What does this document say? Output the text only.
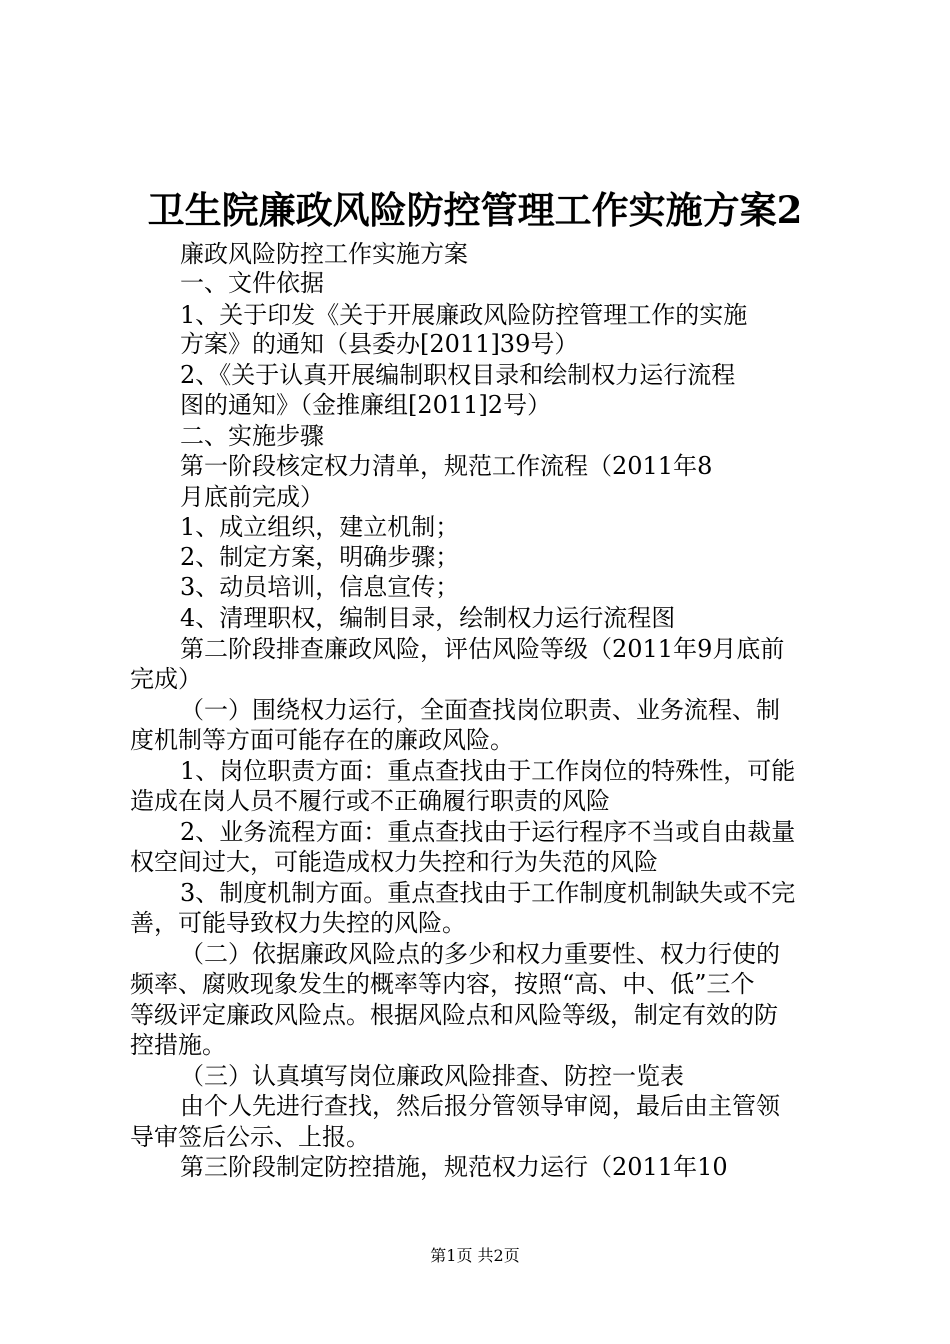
卫生院廉政风险防控管理工作实施方案2
廉政风险防控工作实施方案
一、文件依据
1、关于印发《关于开展廉政风险防控管理工作的实施
方案》的通知（县委办[2011]39号）
2、《关于认真开展编制职权目录和绘制权力运行流程
图的通知》（金推廉组[2011]2号）
二、实施步骤
第一阶段核定权力清单，规范工作流程（2011年8
月底前完成）
1、成立组织，建立机制；
2、制定方案，明确步骤；
3、动员培训，信息宣传；
4、清理职权，编制目录，绘制权力运行流程图
第二阶段排查廉政风险，评估风险等级（2011年9月底前
完成）
（一）围绕权力运行，全面查找岗位职责、业务流程、制
度机制等方面可能存在的廉政风险。
1、岗位职责方面：重点查找由于工作岗位的特殊性，可能
造成在岗人员不履行或不正确履行职责的风险
2、业务流程方面：重点查找由于运行程序不当或自由裁量
权空间过大，可能造成权力失控和行为失范的风险
3、制度机制方面。重点查找由于工作制度机制缺失或不完
善，可能导致权力失控的风险。
（二）依据廉政风险点的多少和权力重要性、权力行使的
频率、腐败现象发生的概率等内容，按照“高、中、低”三个
等级评定廉政风险点。根据风险点和风险等级，制定有效的防
控措施。
（三）认真填写岗位廉政风险排查、防控一览表
由个人先进行查找，然后报分管领导审阅，最后由主管领
导审签后公示、上报。
第三阶段制定防控措施，规范权力运行（2011年10
第1页 共2页
